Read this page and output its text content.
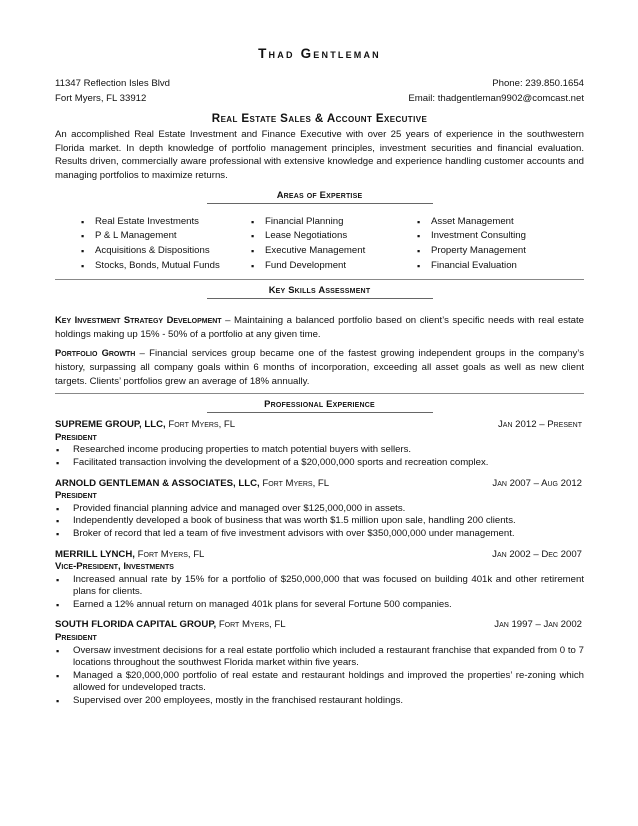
Thad Gentleman
11347 Reflection Isles Blvd	Phone: 239.850.1654
Fort Myers, FL 33912	Email: thadgentleman9902@comcast.net
Real Estate Sales & Account Executive
An accomplished Real Estate Investment and Finance Executive with over 25 years of experience in the southwestern Florida market. In depth knowledge of portfolio management principles, investment securities and financial evaluation. Results driven, commercially aware professional with extensive knowledge and experience handling customer accounts and managing portfolios to maximize returns.
Areas of Expertise
▪ Real Estate Investments
▪ P & L Management
▪ Acquisitions & Dispositions
▪ Stocks, Bonds, Mutual Funds
▪ Financial Planning
▪ Lease Negotiations
▪ Executive Management
▪ Fund Development
▪ Asset Management
▪ Investment Consulting
▪ Property Management
▪ Financial Evaluation
Key Skills Assessment

Key Investment Strategy Development – Maintaining a balanced portfolio based on client’s specific needs with real estate holdings making up 15% - 50% of a portfolio at any given time.

Portfolio Growth – Financial services group became one of the fastest growing independent groups in the company’s history, surpassing all company goals within 6 months of incorporation, exceeding all asset goals as well as new client targets. Clients’ portfolios grew an average of 18% annually.

Professional Experience
SUPREME GROUP, LLC, Fort Myers, FL	Jan 2012 – Present
President
▪ Researched income producing properties to match potential buyers with sellers.
▪ Facilitated transaction involving the development of a $20,000,000 sports and recreation complex.
ARNOLD GENTLEMAN & ASSOCIATES, LLC, Fort Myers, FL	Jan 2007 – Aug 2012
President
▪ Provided financial planning advice and managed over $125,000,000 in assets.
▪ Independently developed a book of business that was worth $1.5 million upon sale, handling 200 clients.
▪ Broker of record that led a team of five investment advisors with over $350,000,000 under management.
MERRILL LYNCH, Fort Myers, FL	Jan 2002 – Dec 2007
Vice-President, Investments
▪ Increased annual rate by 15% for a portfolio of $250,000,000 that was focused on building 401k and other retirement plans for clients.
▪ Earned a 12% annual return on managed 401k plans for several Fortune 500 companies.
SOUTH FLORIDA CAPITAL GROUP, Fort Myers, FL	Jan 1997 – Jan 2002
President
▪ Oversaw investment decisions for a real estate portfolio which included a restaurant franchise that expanded from 0 to 7 locations throughout the southwest Florida market within five years.
▪ Managed a $20,000,000 portfolio of real estate and restaurant holdings and improved the properties’ re-zoning which allowed for undeveloped tracts.
▪ Supervised over 200 employees, mostly in the franchised restaurant holdings.
